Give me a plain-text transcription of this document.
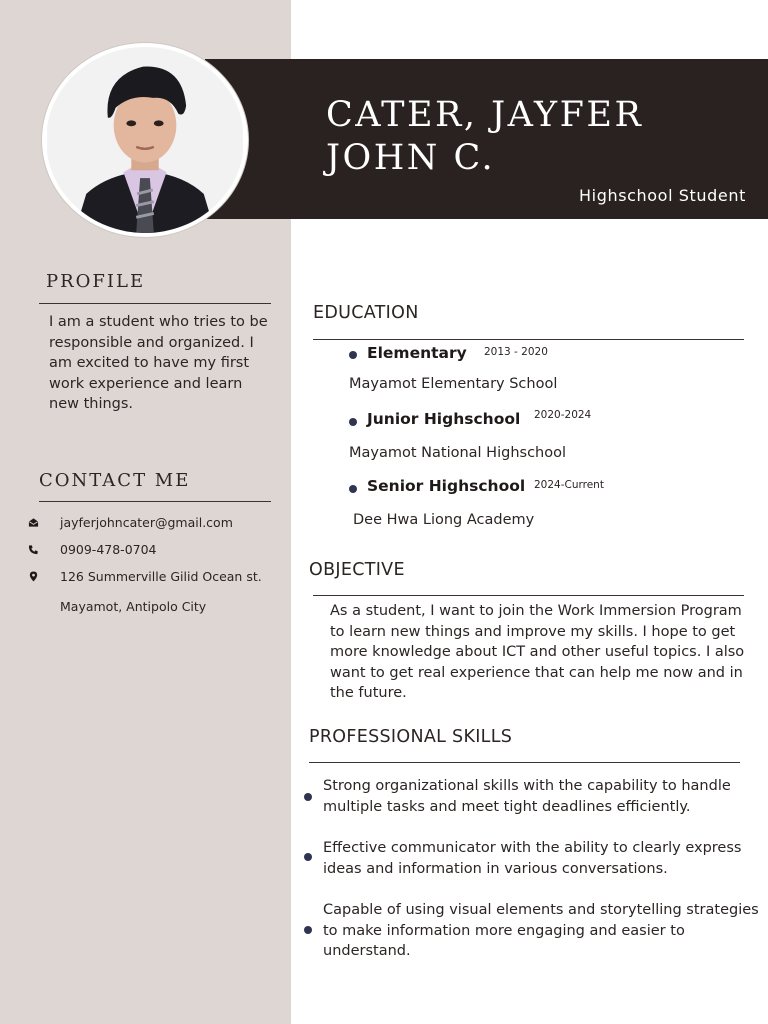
CATER, JAYFER
JOHN C.
Highschool Student
PROFILE
I am a student who tries to be responsible and organized. I am excited to have my first work experience and learn new things.
CONTACT ME
jayferjohncater@gmail.com
0909-478-0704
126 Summerville Gilid Ocean st.
Mayamot, Antipolo City
EDUCATION
Elementary 2013 - 2020
Mayamot Elementary School
Junior Highschool 2020-2024
Mayamot National Highschool
Senior Highschool 2024-Current
Dee Hwa Liong Academy
OBJECTIVE
As a student, I want to join the Work Immersion Program to learn new things and improve my skills. I hope to get more knowledge about ICT and other useful topics. I also want to get real experience that can help me now and in the future.
PROFESSIONAL SKILLS
Strong organizational skills with the capability to handle multiple tasks and meet tight deadlines efficiently.
Effective communicator with the ability to clearly express ideas and information in various conversations.
Capable of using visual elements and storytelling strategies to make information more engaging and easier to understand.
